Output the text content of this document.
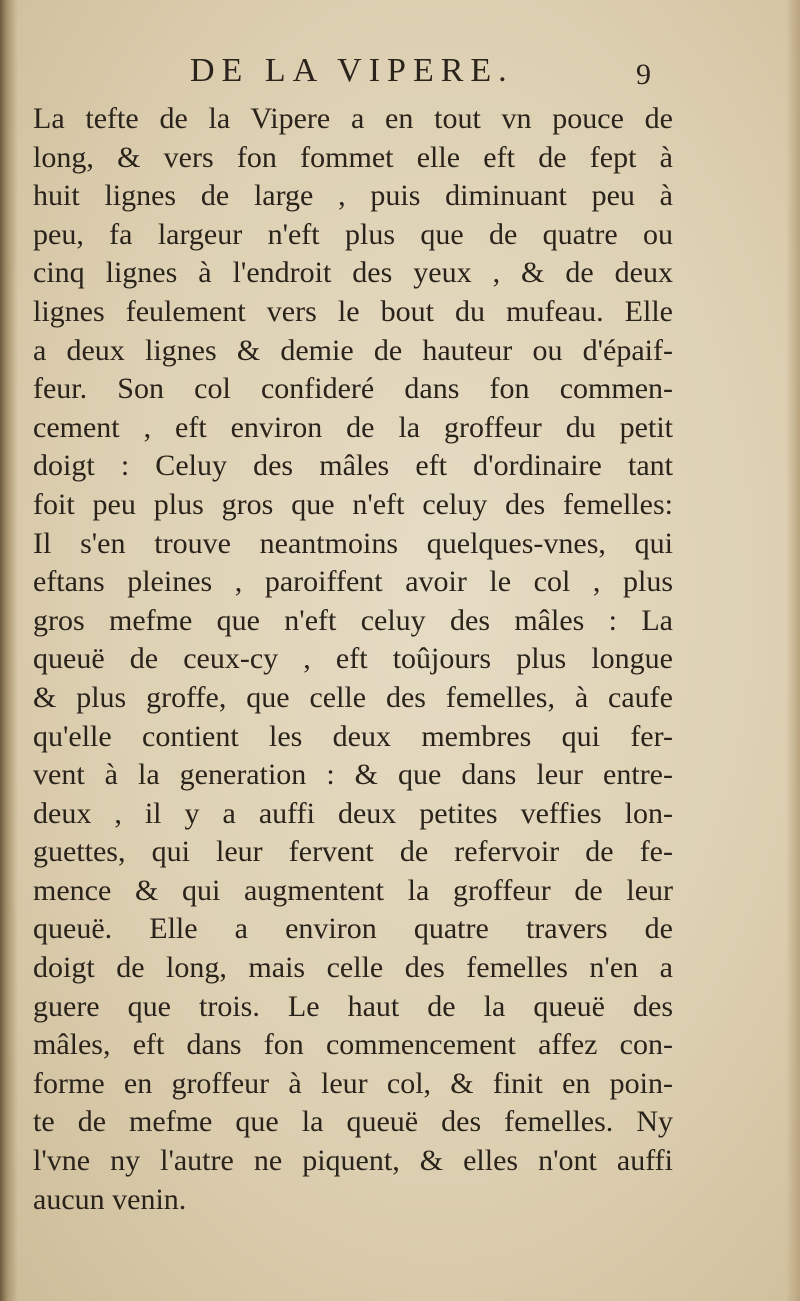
DE LA VIPERE.	9
La tefte de la Vipere a en tout vn pouce de
long, & vers fon fommet elle eft de fept à
huit lignes de large , puis diminuant peu à
peu, fa largeur n'eft plus que de quatre ou
cinq lignes à l'endroit des yeux , & de deux
lignes feulement vers le bout du mufeau. Elle
a deux lignes & demie de hauteur ou d'épaif-
feur. Son col confideré dans fon commen-
cement , eft environ de la groffeur du petit
doigt : Celuy des mâles eft d'ordinaire tant
foit peu plus gros que n'eft celuy des femelles:
Il s'en trouve neantmoins quelques-vnes, qui
eftans pleines , paroiffent avoir le col , plus
gros mefme que n'eft celuy des mâles : La
queuë de ceux-cy , eft toûjours plus longue
& plus groffe, que celle des femelles, à caufe
qu'elle contient les deux membres qui fer-
vent à la generation : & que dans leur entre-
deux , il y a auffi deux petites veffies lon-
guettes, qui leur fervent de refervoir de fe-
mence & qui augmentent la groffeur de leur
queuë. Elle a environ quatre travers de
doigt de long, mais celle des femelles n'en a
guere que trois. Le haut de la queuë des
mâles, eft dans fon commencement affez con-
forme en groffeur à leur col, & finit en poin-
te de mefme que la queuë des femelles. Ny
l'vne ny l'autre ne piquent, & elles n'ont auffi
aucun venin.
